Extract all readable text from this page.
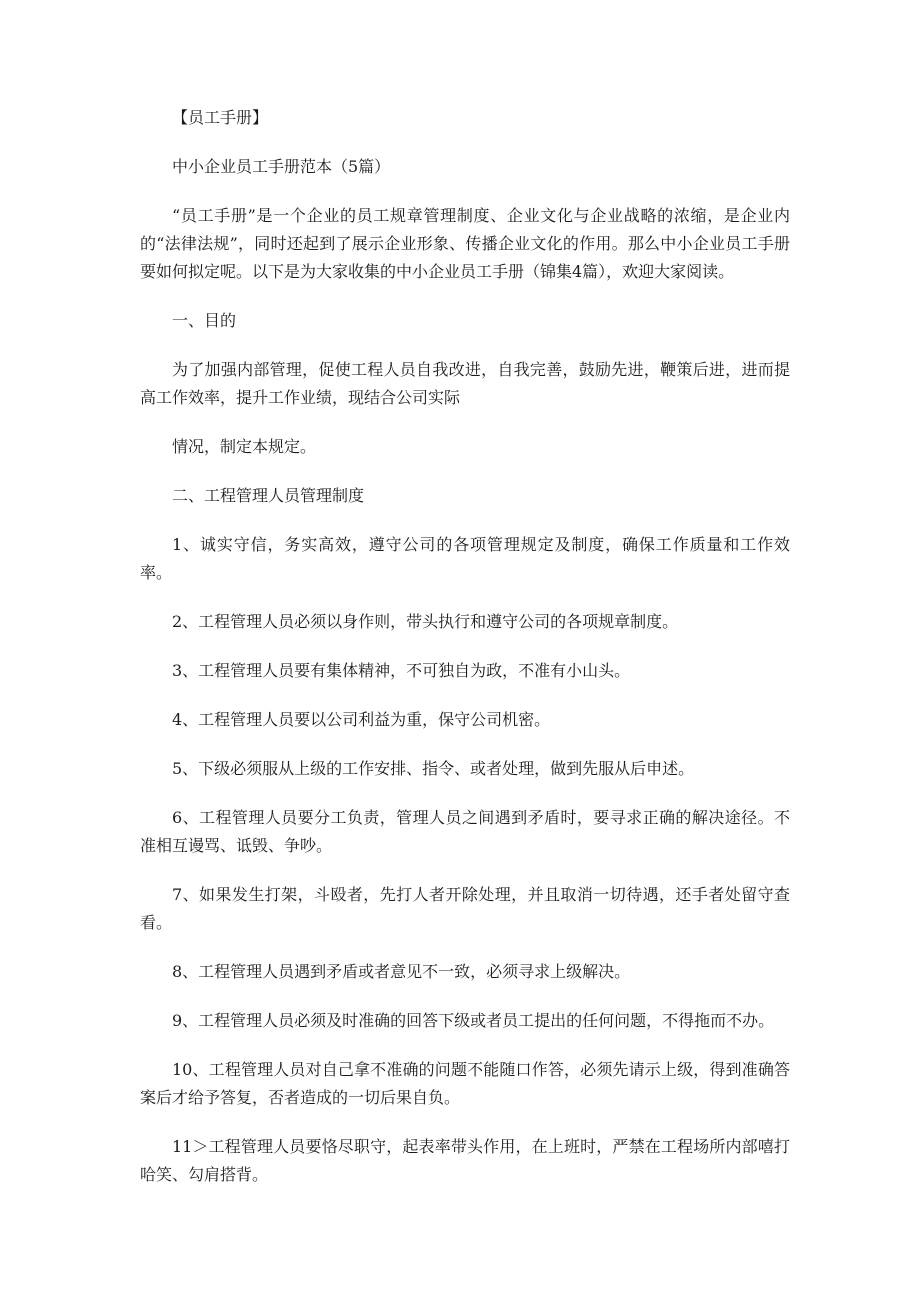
【员工手册】

中小企业员工手册范本（5篇）

“员工手册”是一个企业的员工规章管理制度、企业文化与企业战略的浓缩，是企业内的“法律法规”，同时还起到了展示企业形象、传播企业文化的作用。那么中小企业员工手册要如何拟定呢。以下是为大家收集的中小企业员工手册（锦集4篇），欢迎大家阅读。

一、目的

为了加强内部管理，促使工程人员自我改进，自我完善，鼓励先进，鞭策后进，进而提高工作效率，提升工作业绩，现结合公司实际

情况，制定本规定。

二、工程管理人员管理制度

1、诚实守信，务实高效，遵守公司的各项管理规定及制度，确保工作质量和工作效率。

2、工程管理人员必须以身作则，带头执行和遵守公司的各项规章制度。

3、工程管理人员要有集体精神，不可独自为政，不准有小山头。

4、工程管理人员要以公司利益为重，保守公司机密。

5、下级必须服从上级的工作安排、指令、或者处理，做到先服从后申述。

6、工程管理人员要分工负责，管理人员之间遇到矛盾时，要寻求正确的解决途径。不准相互谩骂、诋毁、争吵。

7、如果发生打架，斗殴者，先打人者开除处理，并且取消一切待遇，还手者处留守查看。

8、工程管理人员遇到矛盾或者意见不一致，必须寻求上级解决。

9、工程管理人员必须及时准确的回答下级或者员工提出的任何问题，不得拖而不办。

10、工程管理人员对自己拿不准确的问题不能随口作答，必须先请示上级，得到准确答案后才给予答复，否者造成的一切后果自负。

11＞工程管理人员要恪尽职守，起表率带头作用，在上班时，严禁在工程场所内部嘻打哈笑、勾肩搭背。
